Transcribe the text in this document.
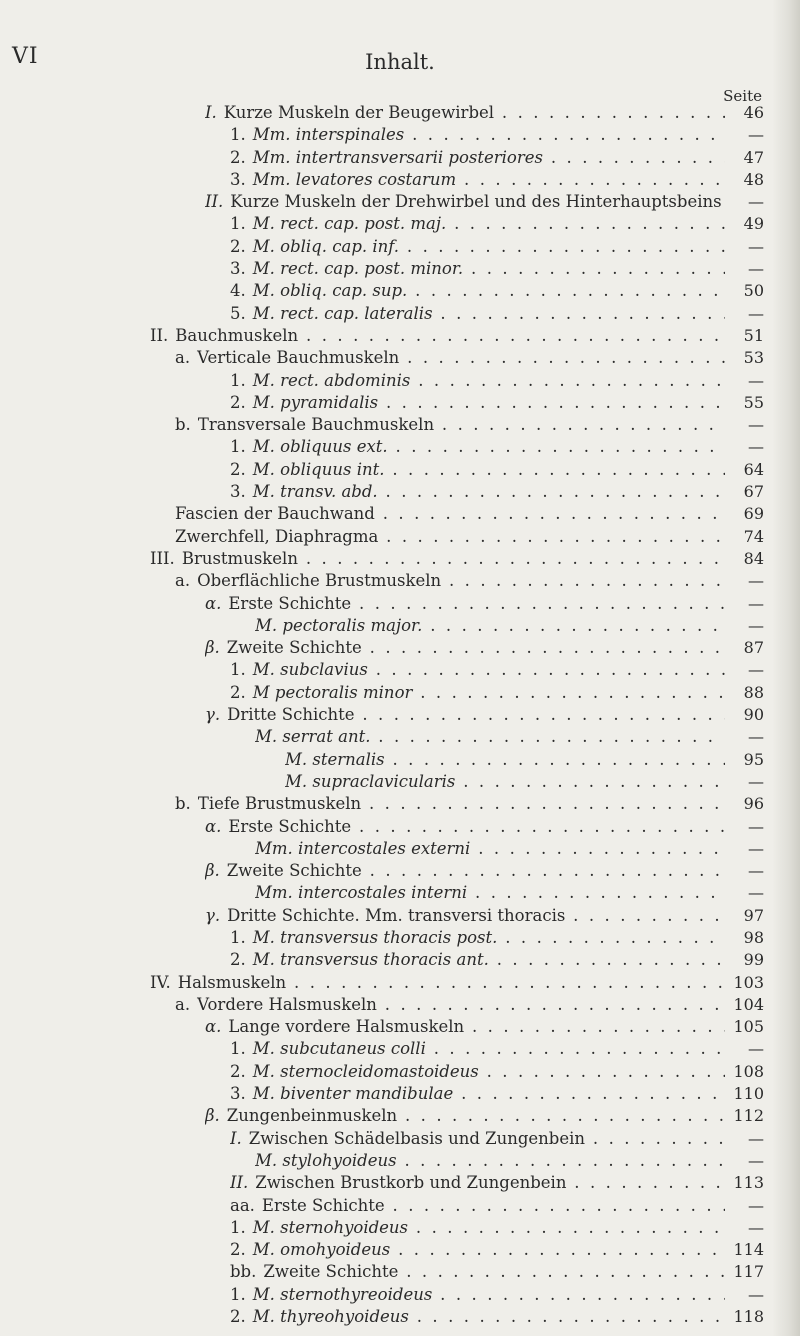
VI	Inhalt.
Seite
I. Kurze Muskeln der Beugewirbel . . .	46
1. Mm. interspinales . . .	—
2. Mm. intertransversarii posteriores . . .	47
3. Mm. levatores costarum . . .	48
II. Kurze Muskeln der Drehwirbel und des Hinterhauptsbeins . . .	—
1. M. rect. cap. post. maj. . . .	49
2. M. obliq. cap. inf. . . .	—
3. M. rect. cap. post. minor. . . .	—
4. M. obliq. cap. sup. . . .	50
5. M. rect. cap. lateralis . . .	—
II. Bauchmuskeln . . .	51
a. Verticale Bauchmuskeln . . .	53
1. M. rect. abdominis . . .	—
2. M. pyramidalis . . .	55
b. Transversale Bauchmuskeln . . .	—
1. M. obliquus ext. . . .	—
2. M. obliquus int. . . .	64
3. M. transv. abd. . . .	67
Fascien der Bauchwand . . .	69
Zwerchfell, Diaphragma . . .	74
III. Brustmuskeln . . .	84
a. Oberflächliche Brustmuskeln . . .	—
α. Erste Schichte . . .	—
M. pectoralis major. . . .	—
β. Zweite Schichte . . .	87
1. M. subclavius . . .	—
2. M pectoralis minor . . .	88
γ. Dritte Schichte . . .	90
M. serrat ant. . . .	—
M. sternalis . . .	95
M. supraclavicularis . . .	—
b. Tiefe Brustmuskeln . . .	96
α. Erste Schichte . . .	—
Mm. intercostales externi . . .	—
β. Zweite Schichte . . .	—
Mm. intercostales interni . . .	—
γ. Dritte Schichte. Mm. transversi thoracis . . .	97
1. M. transversus thoracis post. . . .	98
2. M. transversus thoracis ant. . . .	99
IV. Halsmuskeln . . .	103
a. Vordere Halsmuskeln . . .	104
α. Lange vordere Halsmuskeln . . .	105
1. M. subcutaneus colli . . .	—
2. M. sternocleidomastoideus . . .	108
3. M. biventer mandibulae . . .	110
β. Zungenbeinmuskeln . . .	112
I. Zwischen Schädelbasis und Zungenbein . . .	—
M. stylohyoideus . . .	—
II. Zwischen Brustkorb und Zungenbein . . .	113
aa. Erste Schichte . . .	—
1. M. sternohyoideus . . .	—
2. M. omohyoideus . . .	114
bb. Zweite Schichte . . .	117
1. M. sternothyreoideus . . .	—
2. M. thyreohyoideus . . .	118
